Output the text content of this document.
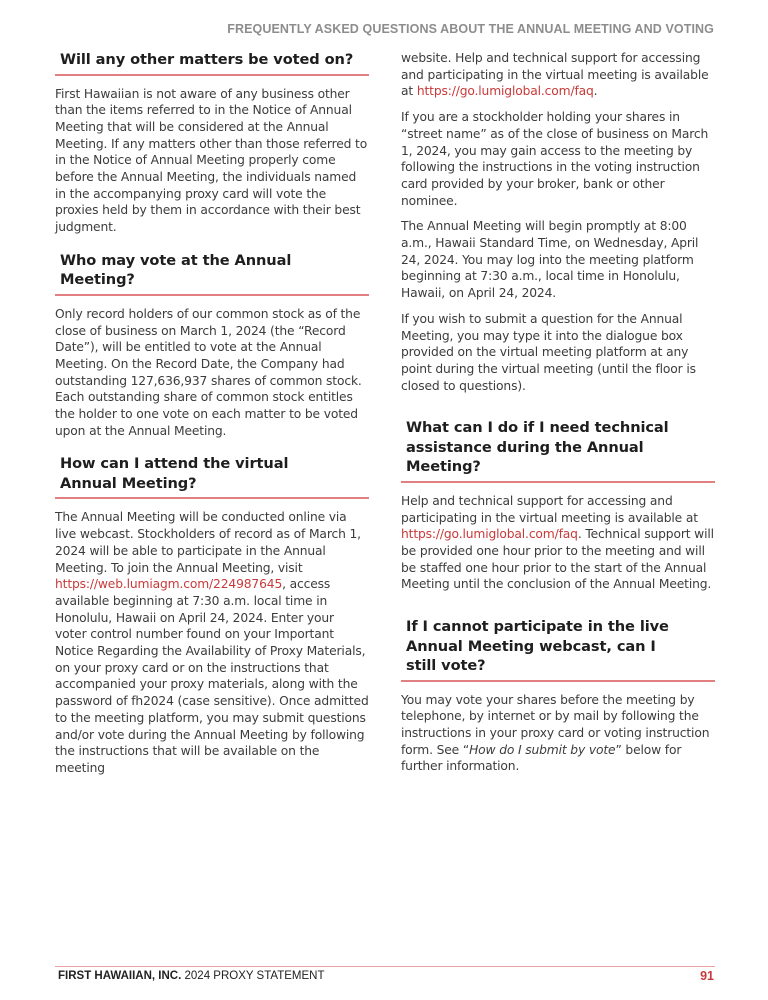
FREQUENTLY ASKED QUESTIONS ABOUT THE ANNUAL MEETING AND VOTING
Will any other matters be voted on?

First Hawaiian is not aware of any business other than the items referred to in the Notice of Annual Meeting that will be considered at the Annual Meeting. If any matters other than those referred to in the Notice of Annual Meeting properly come before the Annual Meeting, the individuals named in the accompanying proxy card will vote the proxies held by them in accordance with their best judgment.

Who may vote at the Annual Meeting?

Only record holders of our common stock as of the close of business on March 1, 2024 (the “Record Date”), will be entitled to vote at the Annual Meeting. On the Record Date, the Company had outstanding 127,636,937 shares of common stock. Each outstanding share of common stock entitles the holder to one vote on each matter to be voted upon at the Annual Meeting.

How can I attend the virtual Annual Meeting?

The Annual Meeting will be conducted online via live webcast. Stockholders of record as of March 1, 2024 will be able to participate in the Annual Meeting. To join the Annual Meeting, visit https://web.lumiagm.com/224987645, access available beginning at 7:30 a.m. local time in Honolulu, Hawaii on April 24, 2024. Enter your voter control number found on your Important Notice Regarding the Availability of Proxy Materials, on your proxy card or on the instructions that accompanied your proxy materials, along with the password of fh2024 (case sensitive). Once admitted to the meeting platform, you may submit questions and/or vote during the Annual Meeting by following the instructions that will be available on the meeting

website. Help and technical support for accessing and participating in the virtual meeting is available at https://go.lumiglobal.com/faq.

If you are a stockholder holding your shares in “street name” as of the close of business on March 1, 2024, you may gain access to the meeting by following the instructions in the voting instruction card provided by your broker, bank or other nominee.

The Annual Meeting will begin promptly at 8:00 a.m., Hawaii Standard Time, on Wednesday, April 24, 2024. You may log into the meeting platform beginning at 7:30 a.m., local time in Honolulu, Hawaii, on April 24, 2024.

If you wish to submit a question for the Annual Meeting, you may type it into the dialogue box provided on the virtual meeting platform at any point during the virtual meeting (until the floor is closed to questions).

What can I do if I need technical assistance during the Annual Meeting?

Help and technical support for accessing and participating in the virtual meeting is available at https://go.lumiglobal.com/faq. Technical support will be provided one hour prior to the meeting and will be staffed one hour prior to the start of the Annual Meeting until the conclusion of the Annual Meeting.

If I cannot participate in the live Annual Meeting webcast, can I still vote?

You may vote your shares before the meeting by telephone, by internet or by mail by following the instructions in your proxy card or voting instruction form. See “How do I submit by vote” below for further information.

FIRST HAWAIIAN, INC. 2024 PROXY STATEMENT	91
